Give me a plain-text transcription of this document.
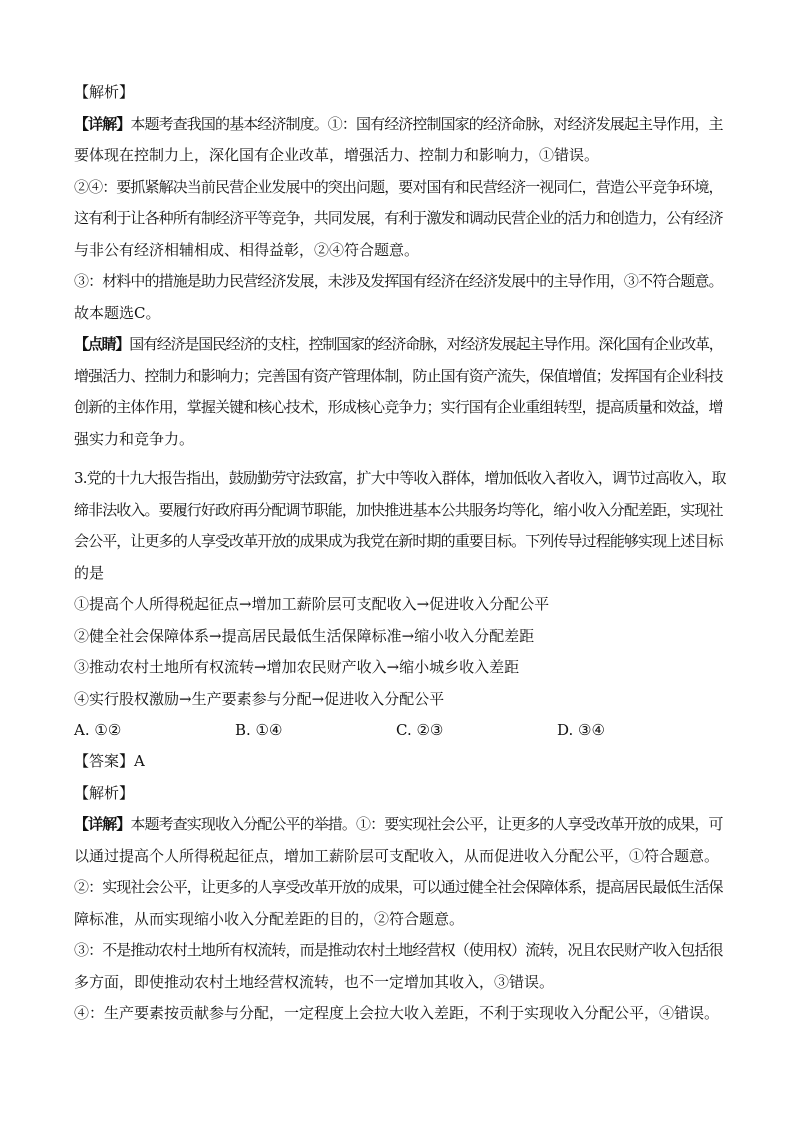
【解析】

【详解】本题考查我国的基本经济制度。①：国有经济控制国家的经济命脉，对经济发展起主导作用，主

要体现在控制力上，深化国有企业改革，增强活力、控制力和影响力，①错误。

②④：要抓紧解决当前民营企业发展中的突出问题，要对国有和民营经济一视同仁，营造公平竞争环境，

这有利于让各种所有制经济平等竞争，共同发展，有利于激发和调动民营企业的活力和创造力，公有经济

与非公有经济相辅相成、相得益彰，②④符合题意。

③：材料中的措施是助力民营经济发展，未涉及发挥国有经济在经济发展中的主导作用，③不符合题意。

故本题选C。

【点睛】国有经济是国民经济的支柱，控制国家的经济命脉，对经济发展起主导作用。深化国有企业改革，

增强活力、控制力和影响力；完善国有资产管理体制，防止国有资产流失，保值增值；发挥国有企业科技

创新的主体作用，掌握关键和核心技术，形成核心竞争力；实行国有企业重组转型，提高质量和效益，增

强实力和竞争力。

3.党的十九大报告指出，鼓励勤劳守法致富，扩大中等收入群体，增加低收入者收入，调节过高收入，取

缔非法收入。要履行好政府再分配调节职能，加快推进基本公共服务均等化，缩小收入分配差距，实现社

会公平，让更多的人享受改革开放的成果成为我党在新时期的重要目标。下列传导过程能够实现上述目标

的是

①提高个人所得税起征点→增加工薪阶层可支配收入→促进收入分配公平

②健全社会保障体系→提高居民最低生活保障标准→缩小收入分配差距

③推动农村土地所有权流转→增加农民财产收入→缩小城乡收入差距

④实行股权激励→生产要素参与分配→促进收入分配公平

A. ①②	B. ①④	C. ②③	D. ③④

【答案】A

【解析】

【详解】本题考查实现收入分配公平的举措。①：要实现社会公平，让更多的人享受改革开放的成果，可

以通过提高个人所得税起征点，增加工薪阶层可支配收入，从而促进收入分配公平，①符合题意。

②：实现社会公平，让更多的人享受改革开放的成果，可以通过健全社会保障体系，提高居民最低生活保

障标准，从而实现缩小收入分配差距的目的，②符合题意。

③：不是推动农村土地所有权流转，而是推动农村土地经营权（使用权）流转，况且农民财产收入包括很

多方面，即使推动农村土地经营权流转，也不一定增加其收入，③错误。

④：生产要素按贡献参与分配，一定程度上会拉大收入差距，不利于实现收入分配公平，④错误。
